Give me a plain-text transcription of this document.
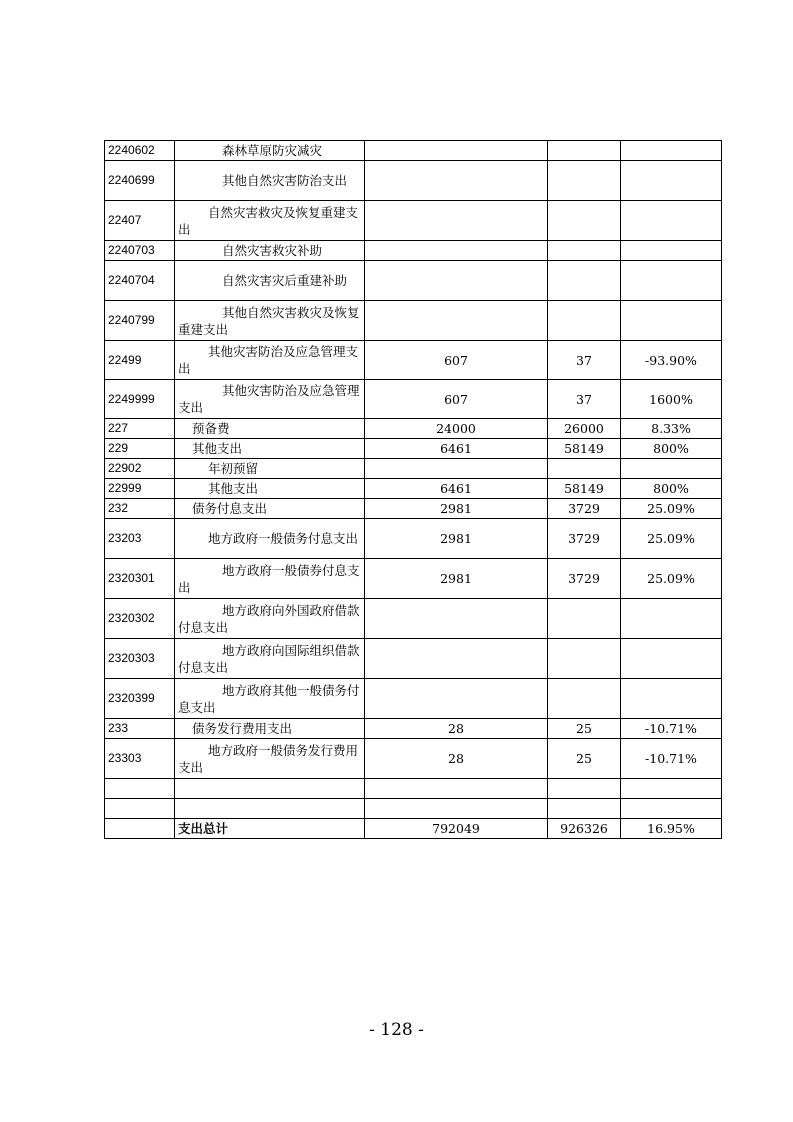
2240602	森林草原防灾减灾			
2240699	其他自然灾害防治支出			
22407	自然灾害救灾及恢复重建支出			
2240703	自然灾害救灾补助			
2240704	自然灾害灾后重建补助			
2240799	其他自然灾害救灾及恢复重建支出			
22499	其他灾害防治及应急管理支出	607	37	-93.90%
2249999	其他灾害防治及应急管理支出	607	37	1600%
227	预备费	24000	26000	8.33%
229	其他支出	6461	58149	800%
22902	年初预留			
22999	其他支出	6461	58149	800%
232	债务付息支出	2981	3729	25.09%
23203	地方政府一般债务付息支出	2981	3729	25.09%
2320301	地方政府一般债券付息支出	2981	3729	25.09%
2320302	地方政府向外国政府借款付息支出			
2320303	地方政府向国际组织借款付息支出			
2320399	地方政府其他一般债务付息支出			
233	债务发行费用支出	28	25	-10.71%
23303	地方政府一般债务发行费用支出	28	25	-10.71%

	支出总计	792049	926326	16.95%
- 128 -
